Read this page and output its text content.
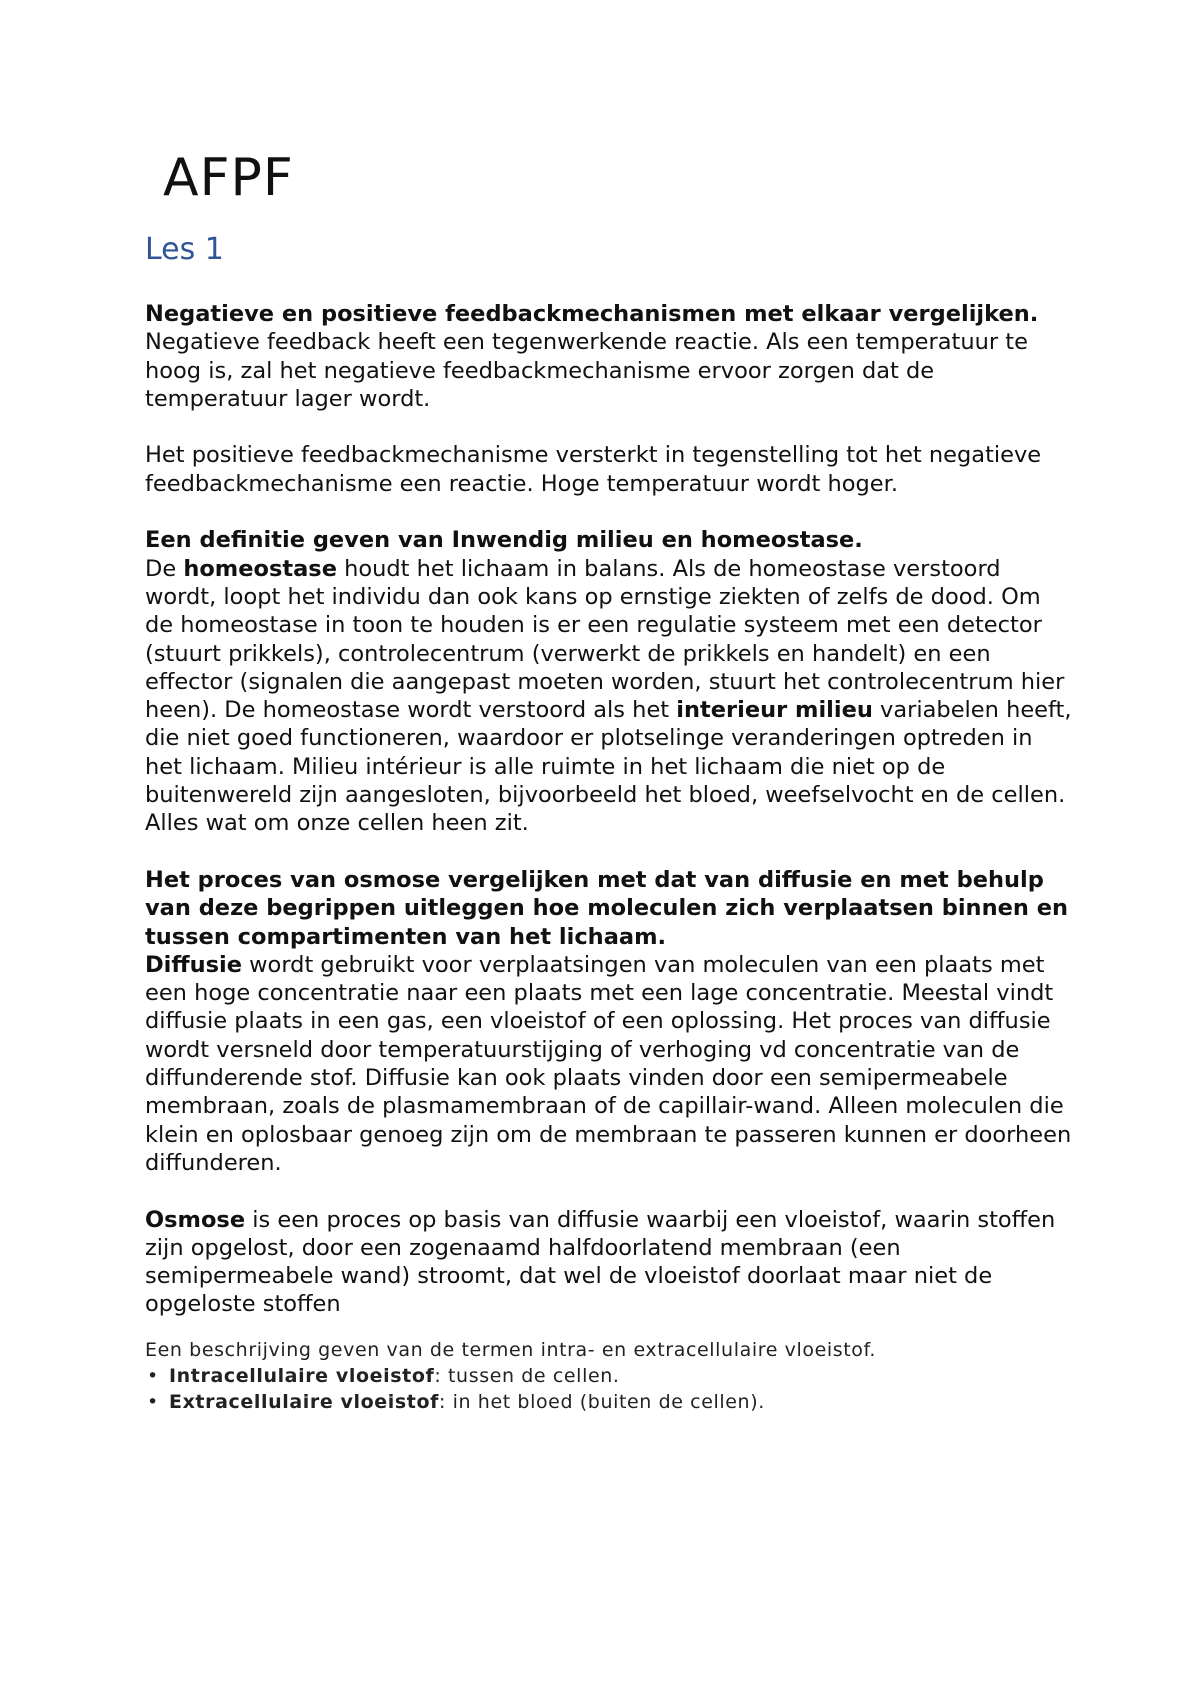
AFPF
Les 1

Negatieve en positieve feedbackmechanismen met elkaar vergelijken.

Negatieve feedback heeft een tegenwerkende reactie. Als een temperatuur te hoog is, zal het negatieve feedbackmechanisme ervoor zorgen dat de temperatuur lager wordt.

Het positieve feedbackmechanisme versterkt in tegenstelling tot het negatieve feedbackmechanisme een reactie. Hoge temperatuur wordt hoger.

Een definitie geven van Inwendig milieu en homeostase.

De homeostase houdt het lichaam in balans. Als de homeostase verstoord wordt, loopt het individu dan ook kans op ernstige ziekten of zelfs de dood. Om de homeostase in toon te houden is er een regulatie systeem met een detector (stuurt prikkels), controlecentrum (verwerkt de prikkels en handelt) en een effector (signalen die aangepast moeten worden, stuurt het controlecentrum hier heen). De homeostase wordt verstoord als het interieur milieu variabelen heeft, die niet goed functioneren, waardoor er plotselinge veranderingen optreden in het lichaam. Milieu intérieur is alle ruimte in het lichaam die niet op de buitenwereld zijn aangesloten, bijvoorbeeld het bloed, weefselvocht en de cellen. Alles wat om onze cellen heen zit.

Het proces van osmose vergelijken met dat van diffusie en met behulp van deze begrippen uitleggen hoe moleculen zich verplaatsen binnen en tussen compartimenten van het lichaam.

Diffusie wordt gebruikt voor verplaatsingen van moleculen van een plaats met een hoge concentratie naar een plaats met een lage concentratie. Meestal vindt diffusie plaats in een gas, een vloeistof of een oplossing. Het proces van diffusie wordt versneld door temperatuurstijging of verhoging vd concentratie van de diffunderende stof. Diffusie kan ook plaats vinden door een semipermeabele membraan, zoals de plasmamembraan of de capillair-wand. Alleen moleculen die klein en oplosbaar genoeg zijn om de membraan te passeren kunnen er doorheen diffunderen.

Osmose is een proces op basis van diffusie waarbij een vloeistof, waarin stoffen zijn opgelost, door een zogenaamd halfdoorlatend membraan (een semipermeabele wand) stroomt, dat wel de vloeistof doorlaat maar niet de opgeloste stoffen

Een beschrijving geven van de termen intra- en extracellulaire vloeistof.

• Intracellulaire vloeistof: tussen de cellen.
• Extracellulaire vloeistof: in het bloed (buiten de cellen).
